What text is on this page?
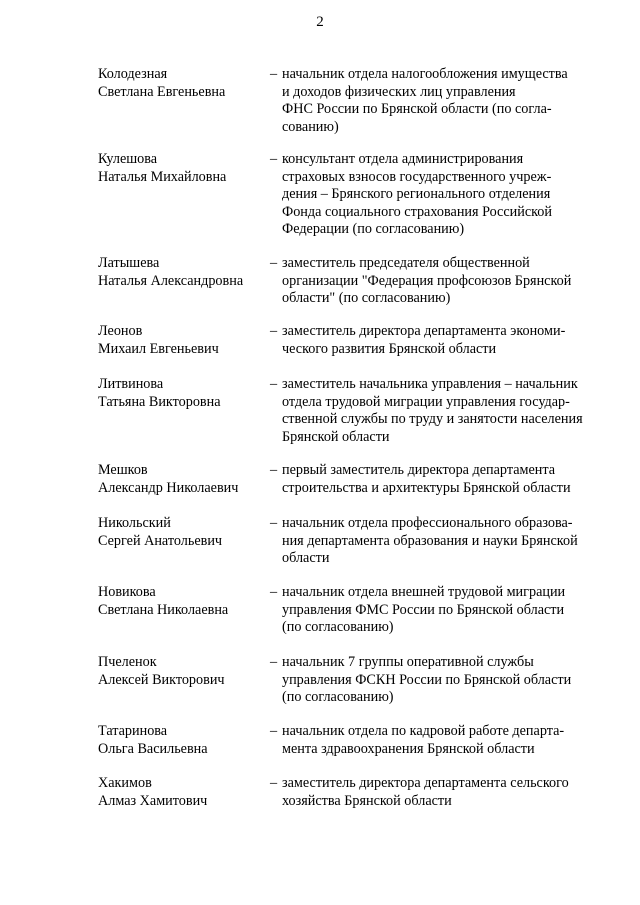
2
Колодезная
Светлана Евгеньевна
– начальник отдела налогообложения имущества
и доходов физических лиц управления
ФНС России по Брянской области (по согла-
сованию)
Кулешова
Наталья Михайловна
– консультант отдела администрирования
страховых взносов государственного учреж-
дения – Брянского регионального отделения
Фонда социального страхования Российской
Федерации (по согласованию)
Латышева
Наталья Александровна
– заместитель председателя общественной
организации "Федерация профсоюзов Брянской
области" (по согласованию)
Леонов
Михаил Евгеньевич
– заместитель директора департамента экономи-
ческого развития Брянской области
Литвинова
Татьяна Викторовна
– заместитель начальника управления – начальник
отдела трудовой миграции управления государ-
ственной службы по труду и занятости населения
Брянской области
Мешков
Александр Николаевич
– первый заместитель директора департамента
строительства и архитектуры Брянской области
Никольский
Сергей Анатольевич
– начальник отдела профессионального образова-
ния департамента образования и науки Брянской
области
Новикова
Светлана Николаевна
– начальник отдела внешней трудовой миграции
управления ФМС России по Брянской области
(по согласованию)
Пчеленок
Алексей Викторович
– начальник 7 группы оперативной службы
управления ФСКН России по Брянской области
(по согласованию)
Татаринова
Ольга Васильевна
– начальник отдела по кадровой работе департа-
мента здравоохранения Брянской области
Хакимов
Алмаз Хамитович
– заместитель директора департамента сельского
хозяйства Брянской области
